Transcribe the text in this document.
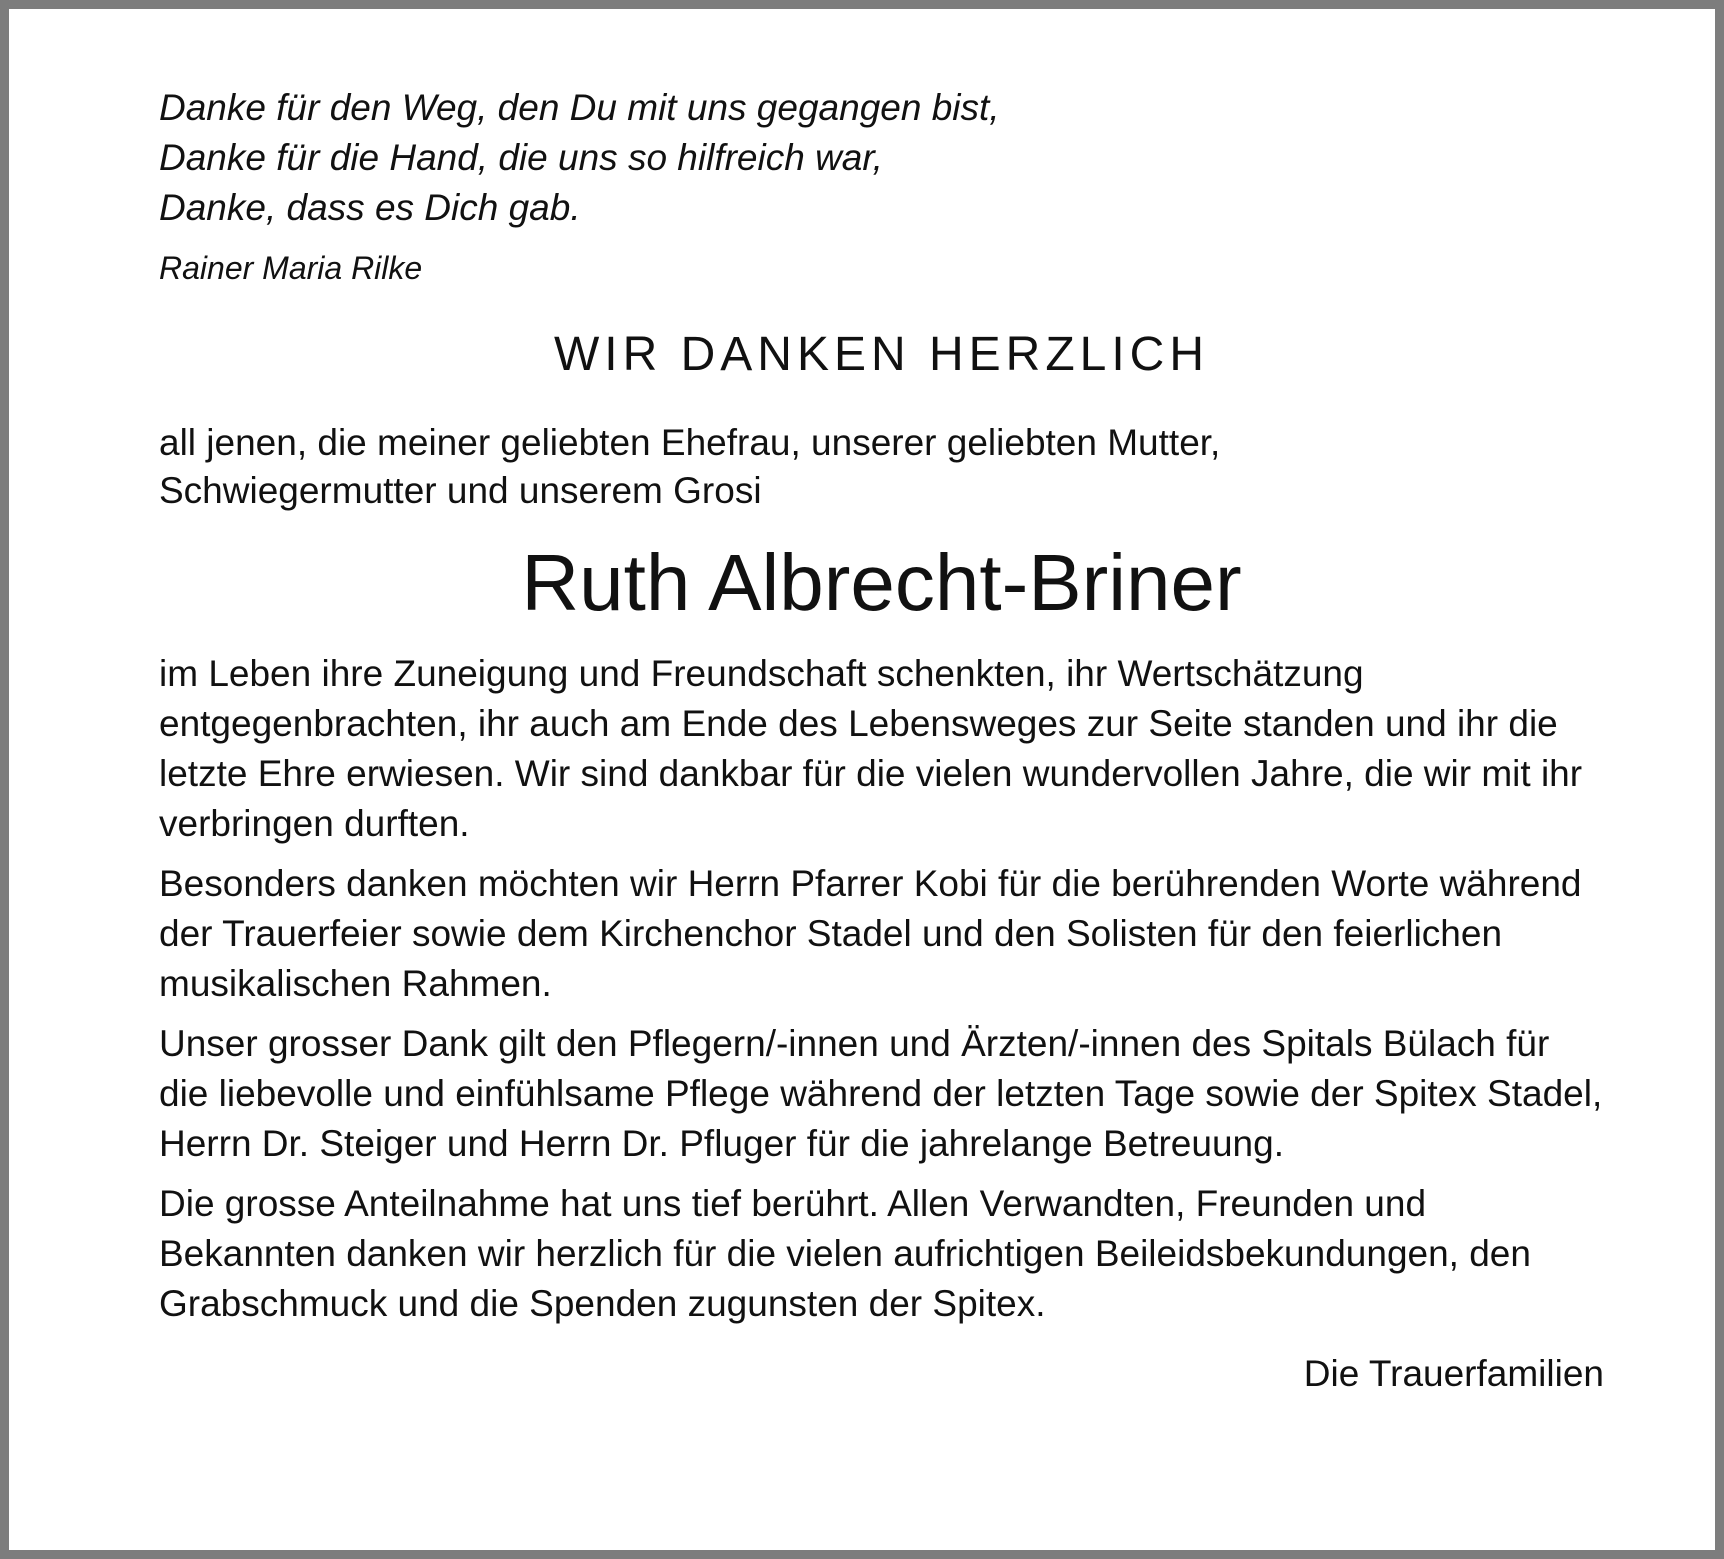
Danke für den Weg, den Du mit uns gegangen bist,

Danke für die Hand, die uns so hilfreich war,

Danke, dass es Dich gab.

Rainer Maria Rilke
WIR DANKEN HERZLICH

all jenen, die meiner geliebten Ehefrau, unserer geliebten Mutter,

Schwiegermutter und unserem Grosi

Ruth Albrecht-Briner

im Leben ihre Zuneigung und Freundschaft schenkten, ihr Wertschätzung entgegenbrachten, ihr auch am Ende des Lebensweges zur Seite standen und ihr die letzte Ehre erwiesen. Wir sind dankbar für die vielen wundervollen Jahre, die wir mit ihr verbringen durften.

Besonders danken möchten wir Herrn Pfarrer Kobi für die berührenden Worte während der Trauerfeier sowie dem Kirchenchor Stadel und den Solisten für den feierlichen musikalischen Rahmen.

Unser grosser Dank gilt den Pflegern/-innen und Ärzten/-innen des Spitals Bülach für die liebevolle und einfühlsame Pflege während der letzten Tage sowie der Spitex Stadel, Herrn Dr. Steiger und Herrn Dr. Pfluger für die jahrelange Betreuung.

Die grosse Anteilnahme hat uns tief berührt. Allen Verwandten, Freunden und Bekannten danken wir herzlich für die vielen aufrichtigen Beileidsbekundungen, den Grabschmuck und die Spenden zugunsten der Spitex.

Die Trauerfamilien
